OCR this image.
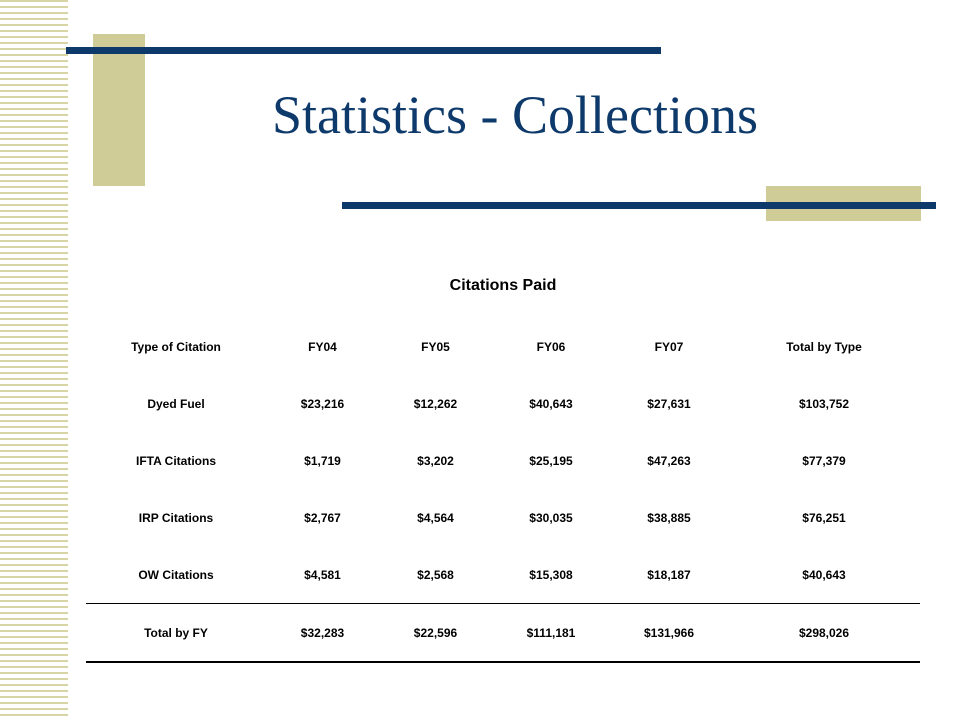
Statistics - Collections
Citations Paid
Type of Citation	FY04	FY05	FY06	FY07	Total by Type
Dyed Fuel	$23,216	$12,262	$40,643	$27,631	$103,752
IFTA Citations	$1,719	$3,202	$25,195	$47,263	$77,379
IRP Citations	$2,767	$4,564	$30,035	$38,885	$76,251
OW Citations	$4,581	$2,568	$15,308	$18,187	$40,643
Total by FY	$32,283	$22,596	$111,181	$131,966	$298,026
